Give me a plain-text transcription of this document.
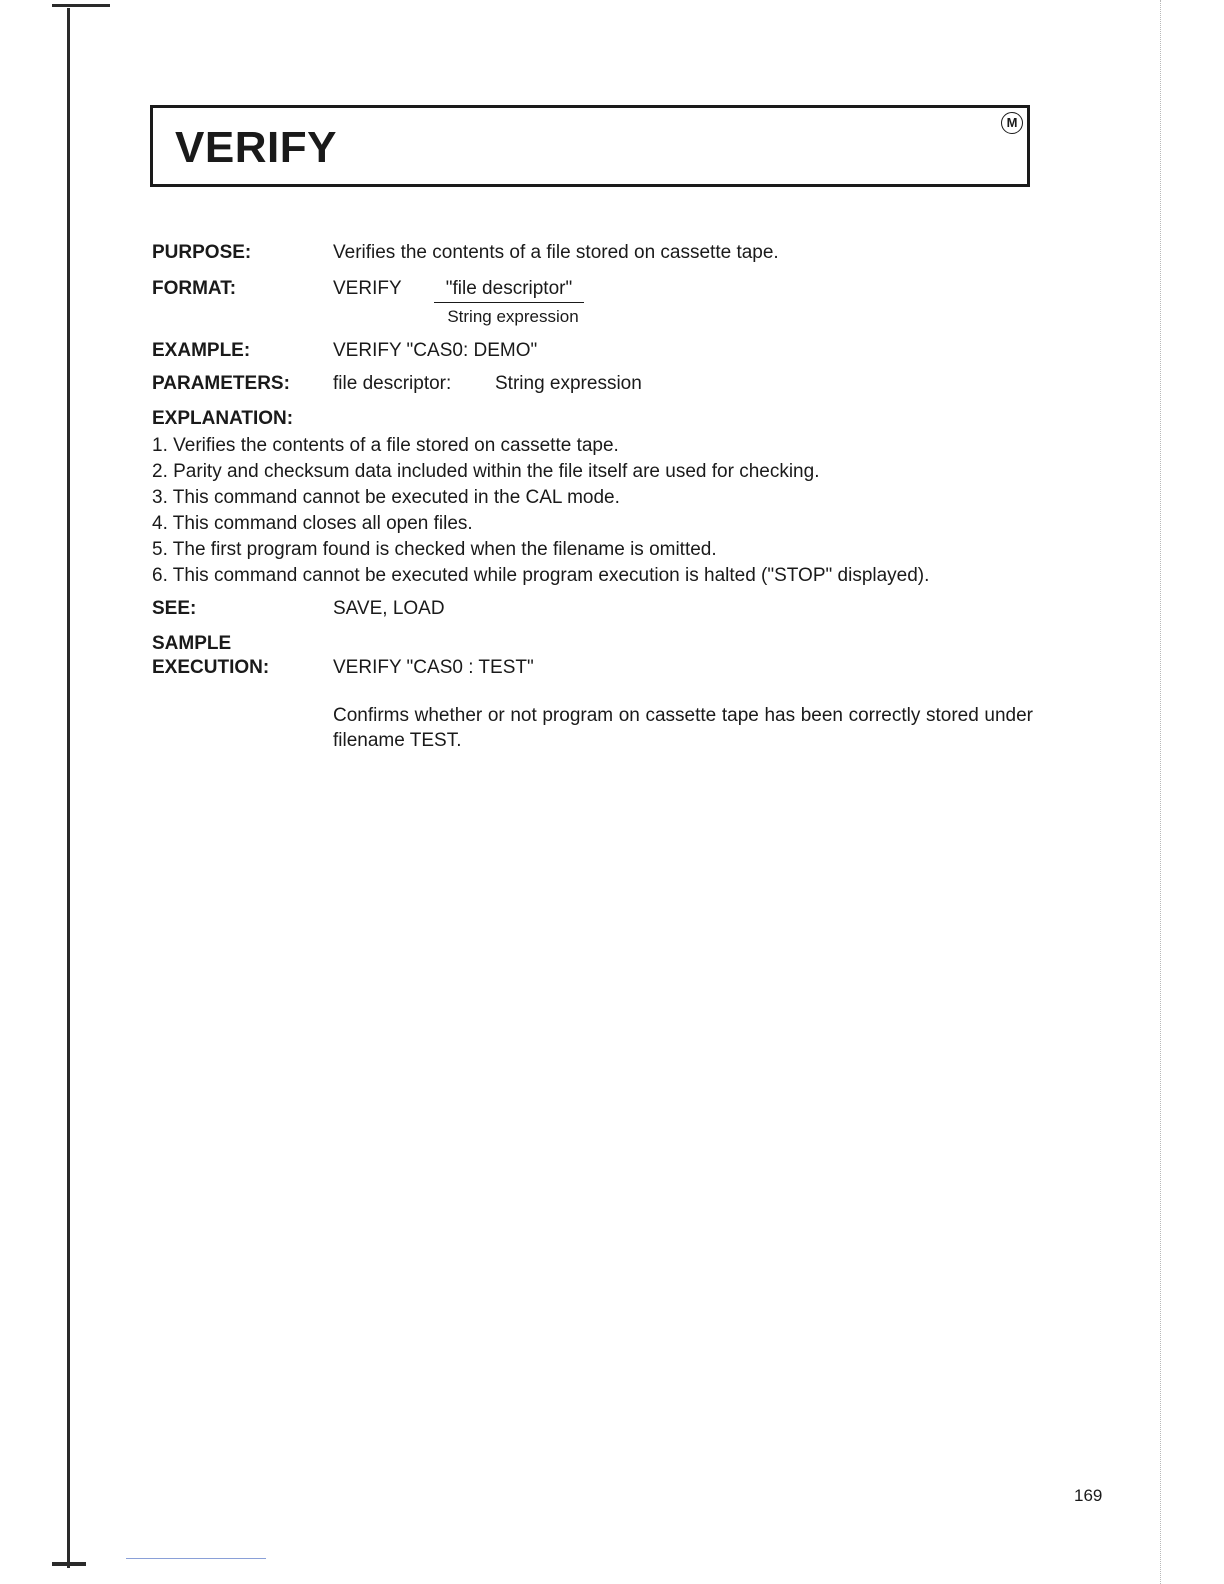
VERIFY
M
PURPOSE:	Verifies the contents of a file stored on cassette tape.
FORMAT:	VERIFY	"file descriptor"
String expression
EXAMPLE:	VERIFY "CAS0: DEMO"
PARAMETERS: file descriptor: String expression
EXPLANATION:
1. Verifies the contents of a file stored on cassette tape.
2. Parity and checksum data included within the file itself are used for checking.
3. This command cannot be executed in the CAL mode.
4. This command closes all open files.
5. The first program found is checked when the filename is omitted.
6. This command cannot be executed while program execution is halted ("STOP" displayed).
SEE:	SAVE, LOAD
SAMPLE
EXECUTION:	VERIFY "CAS0 : TEST"
Confirms whether or not program on cassette tape has been correctly stored under filename TEST.
169
